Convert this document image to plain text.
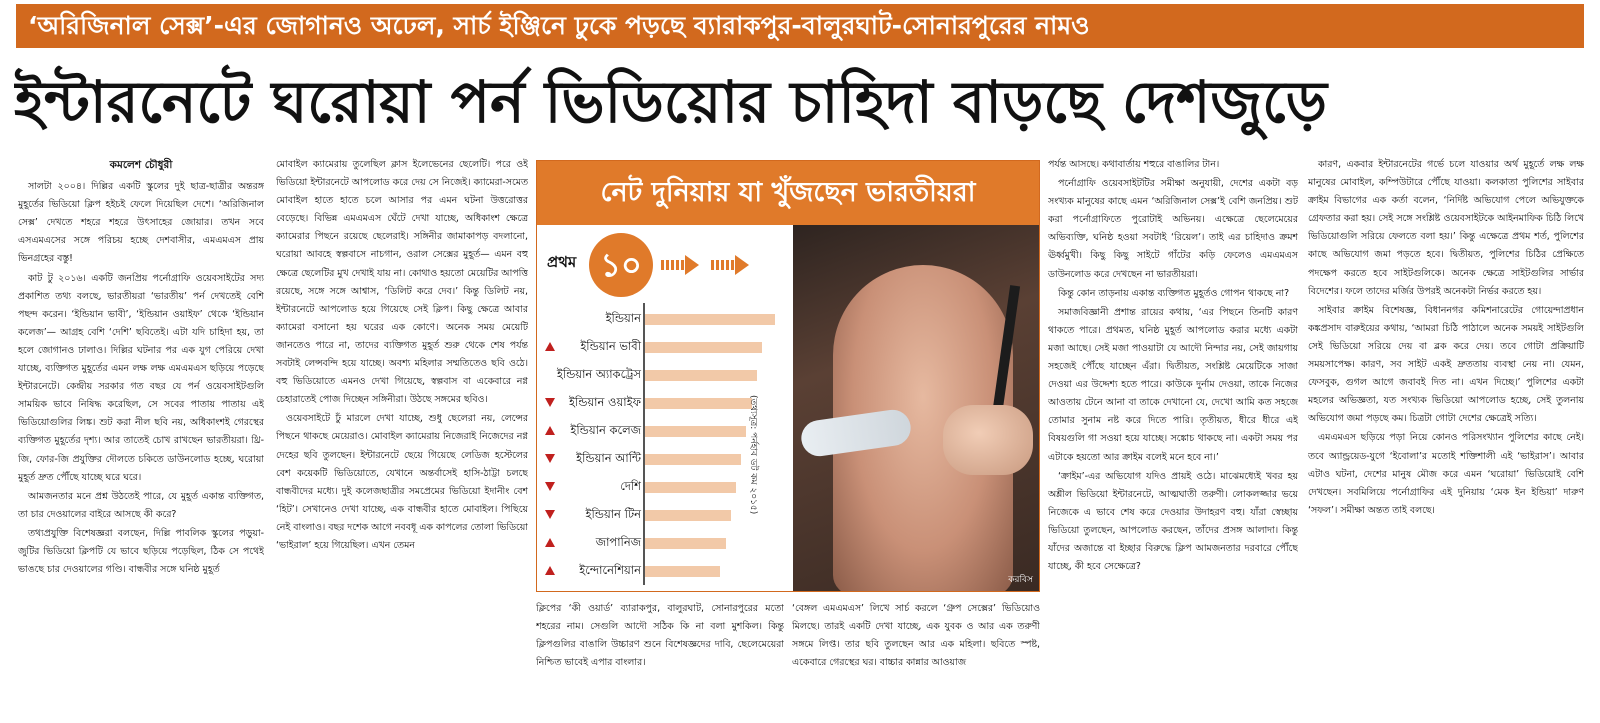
‘অরিজিনাল সেক্স’-এর জোগানও অঢেল, সার্চ ইঞ্জিনে ঢুকে পড়ছে ব্যারাকপুর-বালুরঘাট-সোনারপুরের নামও
ইন্টারনেটে ঘরোয়া পর্ন ভিডিয়োর চাহিদা বাড়ছে দেশজুড়ে

কমলেশ চৌধুরী

সালটা ২০০৪। দিল্লির একটি স্কুলের দুই ছাত্র-ছাত্রীর অন্তরঙ্গ মুহূর্তের ভিডিয়ো ক্লিপ হইচই ফেলে দিয়েছিল দেশে। ‘অরিজিনাল সেক্স’ দেখতে শহরে শহরে উৎসাহের জোয়ার। তখন সবে এসএমএসের সঙ্গে পরিচয় হচ্ছে দেশবাসীর, এমএমএস প্রায় ভিনগ্রহের বস্তু!

কাট টু ২০১৬। একটি জনপ্রিয় পর্নোগ্রাফি ওয়েবসাইটের সদ্য প্রকাশিত তথ্য বলছে, ভারতীয়রা ‘ভারতীয়’ পর্ন দেখতেই বেশি পছন্দ করেন। ‘ইন্ডিয়ান ভাবী’, ‘ইন্ডিয়ান ওয়াইফ’ থেকে ‘ইন্ডিয়ান কলেজ’— আগ্রহ বেশি ‘দেশি’ ছবিতেই। এটা যদি চাহিদা হয়, তা হলে জোগানও ঢালাও। দিল্লির ঘটনার পর এক যুগ পেরিয়ে দেখা যাচ্ছে, ব্যক্তিগত মুহূর্তের এমন লক্ষ লক্ষ এমএমএস ছড়িয়ে পড়েছে ইন্টারনেটে। কেন্দ্রীয় সরকার গত বছর যে পর্ন ওয়েবসাইটগুলি সাময়িক ভাবে নিষিদ্ধ করেছিল, সে সবের পাতায় পাতায় এই ভিডিয়োগুলির লিঙ্ক। শুট করা নীল ছবি নয়, অধিকাংশই গেরস্থের ব্যক্তিগত মুহূর্তের দৃশ্য। আর তাতেই চোখ রাখছেন ভারতীয়রা। থ্রি-জি, ফোর-জি প্রযুক্তির দৌলতে চকিতে ডাউনলোড হচ্ছে, ঘরোয়া মুহূর্ত দ্রুত পৌঁছে যাচ্ছে ঘরে ঘরে।

আমজনতার মনে প্রশ্ন উঠতেই পারে, যে মুহূর্ত একান্ত ব্যক্তিগত, তা চার দেওয়ালের বাইরে আসছে কী করে?

তথ্যপ্রযুক্তি বিশেষজ্ঞরা বলছেন, দিল্লি পাবলিক স্কুলের পড়ুয়া-জুটির ভিডিয়ো ক্লিপটি যে ভাবে ছড়িয়ে পড়েছিল, ঠিক সে পথেই ভাঙছে চার দেওয়ালের গণ্ডি। বান্ধবীর সঙ্গে ঘনিষ্ঠ মুহূর্ত

মোবাইল ক্যামেরায় তুলেছিল ক্লাস ইলেভেনের ছেলেটি। পরে ওই ভিডিয়ো ইন্টারনেটে আপলোড করে দেয় সে নিজেই। ক্যামেরা-সমেত মোবাইল হাতে হাতে চলে আসার পর এমন ঘটনা উত্তরোত্তর বেড়েছে। বিভিন্ন এমএমএস ঘেঁটে দেখা যাচ্ছে, অধিকাংশ ক্ষেত্রে ক্যামেরার পিছনে রয়েছে ছেলেরাই। সঙ্গিনীর জামাকাপড় বদলানো, ঘরোয়া আবহে স্বল্পবাসে নাচগান, ওরাল সেক্সের মুহূর্ত— এমন বহু ক্ষেত্রে ছেলেটির মুখ দেখাই যায় না। কোথাও হয়তো মেয়েটির আপত্তি রয়েছে, সঙ্গে সঙ্গে আশ্বাস, ‘ডিলিট করে দেব।’ কিন্তু ডিলিট নয়, ইন্টারনেটে আপলোড হয়ে গিয়েছে সেই ক্লিপ। কিছু ক্ষেত্রে আবার ক্যামেরা বসানো হয় ঘরের এক কোণে। অনেক সময় মেয়েটি জানতেও পারে না, তাদের ব্যক্তিগত মুহূর্ত শুরু থেকে শেষ পর্যন্ত সবটাই লেন্সবন্দি হয়ে যাচ্ছে। অবশ্য মহিলার সম্মতিতেও ছবি ওঠে। বহু ভিডিয়োতে এমনও দেখা গিয়েছে, স্বল্পবাস বা একেবারে নগ্ন চেহারাতেই পোজ দিচ্ছেন সঙ্গিনীরা। উঠছে সঙ্গমের ছবিও।

ওয়েবসাইটে ঢুঁ মারলে দেখা যাচ্ছে, শুধু ছেলেরা নয়, লেন্সের পিছনে থাকছে মেয়েরাও। মোবাইল ক্যামেরায় নিজেরাই নিজেদের নগ্ন দেহের ছবি তুলছেন। ইন্টারনেটে ছেয়ে গিয়েছে লেডিজ হস্টেলের বেশ কয়েকটি ভিডিয়োতে, যেখানে অন্তর্বাসেই হাসি-ঠাট্টা চলছে বান্ধবীদের মধ্যে। দুই কলেজছাত্রীর সমপ্রেমের ভিডিয়ো ইদানীং বেশ ‘হিট’। সেখানেও দেখা যাচ্ছে, এক বান্ধবীর হাতে মোবাইল। পিছিয়ে নেই বাংলাও। বছর দশেক আগে নববধূ এক কাপলের তোলা ভিডিয়ো ‘ভাইরাল’ হয়ে গিয়েছিল। এখন তেমন

নেট দুনিয়ায় যা খুঁজছেন ভারতীয়রা
প্রথম ১০
ইন্ডিয়ান
ইন্ডিয়ান ভাবী
ইন্ডিয়ান অ্যাকট্রেস
ইন্ডিয়ান ওয়াইফ
ইন্ডিয়ান কলেজ
ইন্ডিয়ান আন্টি
দেশি
ইন্ডিয়ান টিন
জাপানিজ
ইন্দোনেশিয়ান
(তথ্যসূত্র: পর্নহাব ডট কম ২০১৫)
করবিস

ক্লিপের ‘কী ওয়ার্ড’ ব্যারাকপুর, বালুরঘাট, সোনারপুরের মতো শহরের নাম। সেগুলি আদৌ সঠিক কি না বলা মুশকিল। কিন্তু ক্লিপগুলির বাঙালি উচ্চারণ শুনে বিশেষজ্ঞদের দাবি, ছেলেমেয়েরা নিশ্চিত ভাবেই এপার বাংলার।

‘বেঙ্গল এমএমএস’ লিখে সার্চ করলে ‘গ্রুপ সেক্সের’ ভিডিয়োও মিলছে। তারই একটি দেখা যাচ্ছে, এক যুবক ও আর এক তরুণী সঙ্গমে লিপ্ত। তার ছবি তুলছেন আর এক মহিলা। ছবিতে স্পষ্ট, একেবারে গেরস্থের ঘর। বাচ্চার কান্নার আওয়াজ

পর্যন্ত আসছে। কথাবার্তায় শহুরে বাঙালির টান।

পর্নোগ্রাফি ওয়েবসাইটটির সমীক্ষা অনুযায়ী, দেশের একটা বড় সংখ্যক মানুষের কাছে এমন ‘অরিজিনাল সেক্স’ই বেশি জনপ্রিয়। শুট করা পর্নোগ্রাফিতে পুরোটাই অভিনয়। এক্ষেত্রে ছেলেমেয়ের অভিব্যক্তি, ঘনিষ্ঠ হওয়া সবটাই ‘রিয়েল’। তাই এর চাহিদাও ক্রমশ ঊর্ধ্বমুখী। কিছু কিছু সাইটে গাঁটের কড়ি ফেলেও এমএমএস ডাউনলোড করে দেখছেন না ভারতীয়রা।

কিন্তু কোন তাড়নায় একান্ত ব্যক্তিগত মুহূর্তও গোপন থাকছে না?

সমাজবিজ্ঞানী প্রশান্ত রায়ের কথায়, ‘এর পিছনে তিনটি কারণ থাকতে পারে। প্রথমত, ঘনিষ্ঠ মুহূর্ত আপলোড করার মধ্যে একটা মজা আছে। সেই মজা পাওয়াটা যে আদৌ নিন্দার নয়, সেই জায়গায় সহজেই পৌঁছে যাচ্ছেন এঁরা। দ্বিতীয়ত, সংশ্লিষ্ট মেয়েটিকে সাজা দেওয়া এর উদ্দেশ্য হতে পারে। কাউকে দুর্নাম দেওয়া, তাকে নিজের আওতায় টেনে আনা বা তাকে দেখানো যে, দেখো আমি কত সহজে তোমার সুনাম নষ্ট করে দিতে পারি। তৃতীয়ত, ধীরে ধীরে এই বিষয়গুলি গা সওয়া হয়ে যাচ্ছে। সঙ্কোচ থাকছে না। একটা সময় পর এটাকে হয়তো আর ক্রাইম বলেই মনে হবে না।’

‘ক্রাইম’-এর অভিযোগ যদিও প্রায়ই ওঠে। মাঝেমধ্যেই খবর হয় অশ্লীল ভিডিয়ো ইন্টারনেটে, আত্মঘাতী তরুণী। লোকলজ্জার ভয়ে নিজেকে এ ভাবে শেষ করে দেওয়ার উদাহরণ বহু। যাঁরা স্বেচ্ছায় ভিডিয়ো তুলছেন, আপলোড করছেন, তাঁদের প্রসঙ্গ আলাদা। কিন্তু যাঁদের অজান্তে বা ইচ্ছার বিরুদ্ধে ক্লিপ আমজনতার দরবারে পৌঁছে যাচ্ছে, কী হবে সেক্ষেত্রে?

কারণ, একবার ইন্টারনেটের গর্ভে চলে যাওয়ার অর্থ মুহূর্তে লক্ষ লক্ষ মানুষের মোবাইল, কম্পিউটারে পৌঁছে যাওয়া। কলকাতা পুলিশের সাইবার ক্রাইম বিভাগের এক কর্তা বলেন, ‘নির্দিষ্ট অভিযোগ পেলে অভিযুক্তকে গ্রেফতার করা হয়। সেই সঙ্গে সংশ্লিষ্ট ওয়েবসাইটকে আইনমাফিক চিঠি লিখে ভিডিয়োগুলি সরিয়ে ফেলতে বলা হয়।’ কিন্তু এক্ষেত্রে প্রথম শর্ত, পুলিশের কাছে অভিযোগ জমা পড়তে হবে। দ্বিতীয়ত, পুলিশের চিঠির প্রেক্ষিতে পদক্ষেপ করতে হবে সাইটগুলিকে। অনেক ক্ষেত্রে সাইটগুলির সার্ভার বিদেশের। ফলে তাদের মর্জির উপরই অনেকটা নির্ভর করতে হয়।

সাইবার ক্রাইম বিশেষজ্ঞ, বিধাননগর কমিশনারেটের গোয়েন্দাপ্রধান কঙ্কপ্রসাদ বারুইয়ের কথায়, ‘আমরা চিঠি পাঠালে অনেক সময়ই সাইটগুলি সেই ভিডিয়ো সরিয়ে দেয় বা ব্লক করে দেয়। তবে গোটা প্রক্রিয়াটি সময়সাপেক্ষ। কারণ, সব সাইট একই দ্রুততায় ব্যবস্থা নেয় না। যেমন, ফেসবুক, গুগল আগে জবাবই দিত না। এখন দিচ্ছে।’ পুলিশের একটা মহলের অভিজ্ঞতা, যত সংখ্যক ভিডিয়ো আপলোড হচ্ছে, সেই তুলনায় অভিযোগ জমা পড়ছে কম। চিত্রটা গোটা দেশের ক্ষেত্রেই সত্যি।

এমএমএস ছড়িয়ে পড়া নিয়ে কোনও পরিসংখ্যান পুলিশের কাছে নেই। তবে অ্যান্ড্রয়েড-যুগে ‘ইবোলা’র মতোই শক্তিশালী এই ‘ভাইরাস’। আবার এটাও ঘটনা, দেশের মানুষ মৌজ করে এমন ‘ঘরোয়া’ ভিডিয়োই বেশি দেখছেন। সবমিলিয়ে পর্নোগ্রাফির এই দুনিয়ায় ‘মেক ইন ইন্ডিয়া’ দারুণ ‘সফল’। সমীক্ষা অন্তত তাই বলছে।
